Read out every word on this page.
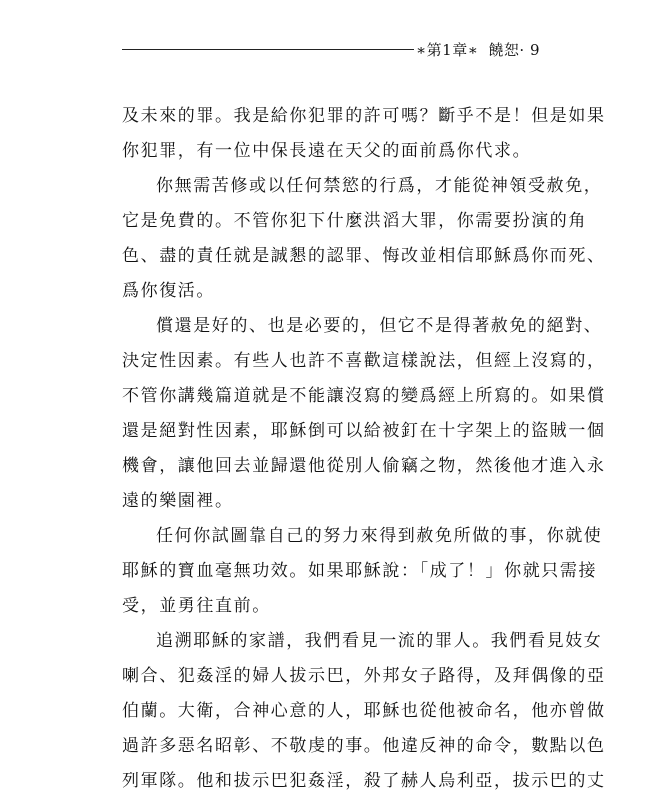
∗第1章∗ 饒恕· 9

及未來的罪。我是給你犯罪的許可嗎？斷乎不是！但是如果
你犯罪，有一位中保長遠在天父的面前爲你代求。

你無需苦修或以任何禁慾的行爲，才能從神領受赦免，
它是免費的。不管你犯下什麼洪滔大罪，你需要扮演的角
色、盡的責任就是誠懇的認罪、悔改並相信耶穌爲你而死、
爲你復活。

償還是好的、也是必要的，但它不是得著赦免的絕對、
決定性因素。有些人也許不喜歡這樣說法，但經上沒寫的，
不管你講幾篇道就是不能讓沒寫的變爲經上所寫的。如果償
還是絕對性因素，耶穌倒可以給被釘在十字架上的盜賊一個
機會，讓他回去並歸還他從別人偷竊之物，然後他才進入永
遠的樂園裡。

任何你試圖靠自己的努力來得到赦免所做的事，你就使
耶穌的寶血毫無功效。如果耶穌說：「成了！」你就只需接
受，並勇往直前。

追溯耶穌的家譜，我們看見一流的罪人。我們看見妓女
喇合、犯姦淫的婦人拔示巴，外邦女子路得，及拜偶像的亞
伯蘭。大衛，合神心意的人，耶穌也從他被命名，他亦曾做
過許多惡名昭彰、不敬虔的事。他違反神的命令，數點以色
列軍隊。他和拔示巴犯姦淫，殺了赫人烏利亞，拔示巴的丈
